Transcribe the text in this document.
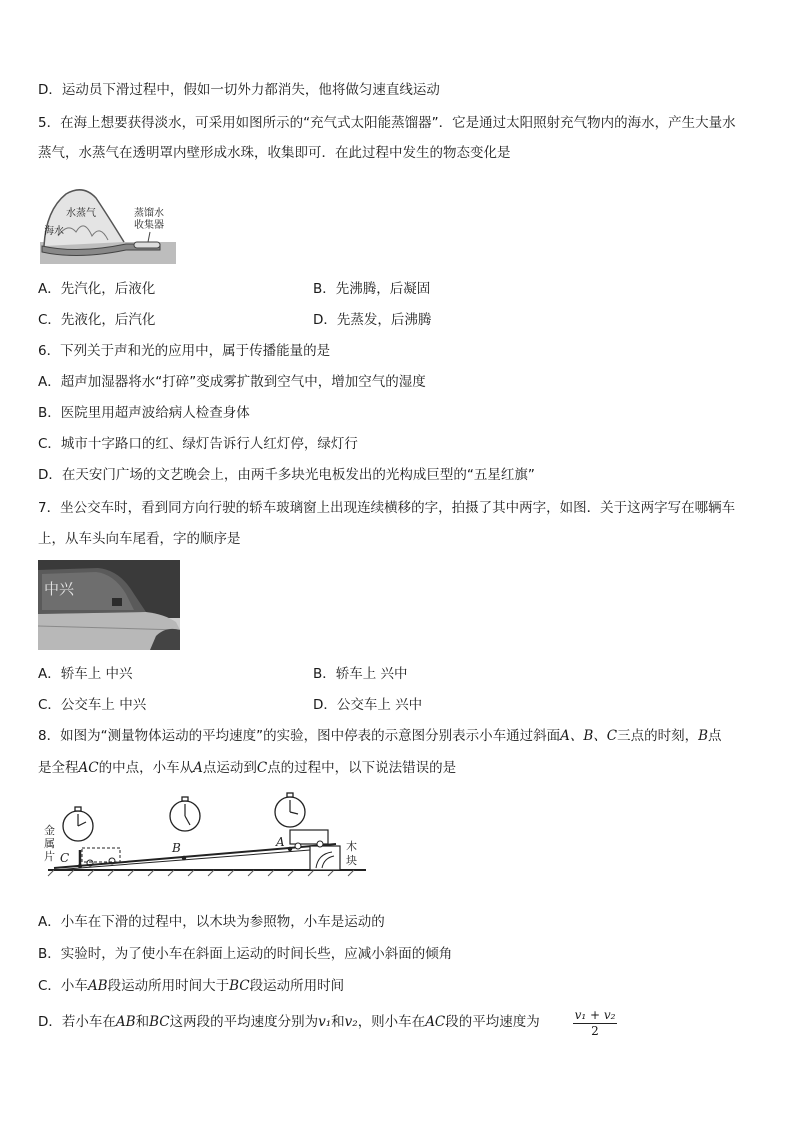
D．运动员下滑过程中，假如一切外力都消失，他将做匀速直线运动
5．在海上想要获得淡水，可采用如图所示的“充气式太阳能蒸馏器”．它是通过太阳照射充气物内的海水，产生大量水
蒸气，水蒸气在透明罩内壁形成水珠，收集即可．在此过程中发生的物态变化是
水蒸气
海水
蒸馏水
收集器
A．先汽化，后液化	B．先沸腾，后凝固
C．先液化，后汽化	D．先蒸发，后沸腾
6．下列关于声和光的应用中，属于传播能量的是
A．超声加湿器将水“打碎”变成雾扩散到空气中，增加空气的湿度
B．医院里用超声波给病人检查身体
C．城市十字路口的红、绿灯告诉行人红灯停，绿灯行
D．在天安门广场的文艺晚会上，由两千多块光电板发出的光构成巨型的“五星红旗”
7．坐公交车时，看到同方向行驶的轿车玻璃窗上出现连续横移的字，拍摄了其中两字，如图．关于这两字写在哪辆车
上，从车头向车尾看，字的顺序是
中兴
A．轿车上 中兴	B．轿车上 兴中
C．公交车上 中兴	D．公交车上 兴中
8．如图为“测量物体运动的平均速度”的实验，图中停表的示意图分别表示小车通过斜面A、B、C三点的时刻，B点
是全程AC的中点，小车从A点运动到C点的过程中，以下说法错误的是
金
属
片
木
块
C
B	A
A．小车在下滑的过程中，以木块为参照物，小车是运动的
B．实验时，为了使小车在斜面上运动的时间长些，应减小斜面的倾角
C．小车AB段运动所用时间大于BC段运动所用时间
D．若小车在AB和BC这两段的平均速度分别为v₁和v₂，则小车在AC段的平均速度为	$\frac{\text{v₁ + v₂}}{2}$
